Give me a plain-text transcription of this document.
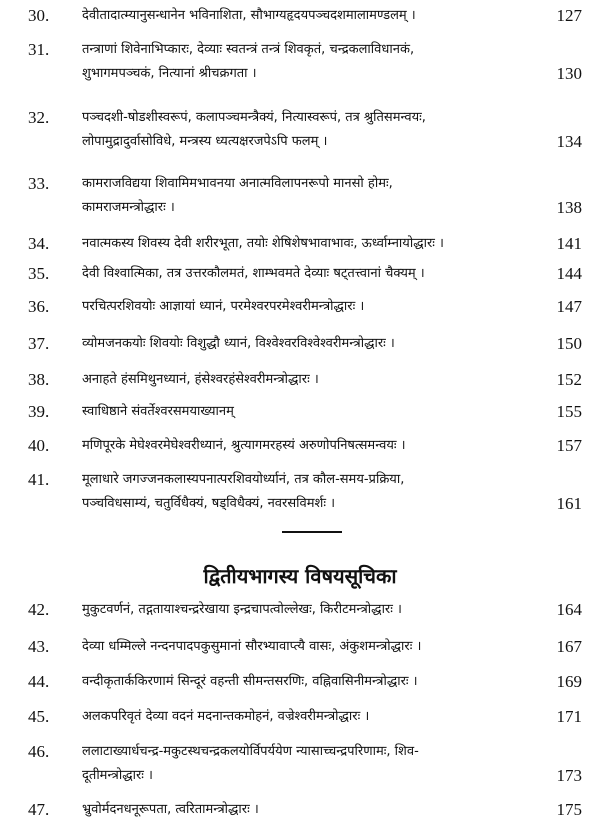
30.	देवीतादात्म्यानुसन्धानेन भविनाशिता, सौभाग्यहृदयपञ्चदशमालामण्डलम् ।	127
31.	तन्त्राणां शिवेनाभिप्कारः, देव्याः स्वतन्त्रं तन्त्रं शिवकृतं, चन्द्रकलाविधानकं,
शुभागमपञ्चकं, नित्यानां श्रीचक्रगता ।	130
32.	पञ्चदशी-षोडशीस्वरूपं, कलापञ्चमन्त्रैक्यं, नित्यास्वरूपं, तत्र श्रुतिसमन्वयः,
लोपामुद्रादुर्वासोविधे, मन्त्रस्य ध्यत्यक्षरजपेऽपि फलम् ।	134
33.	कामराजविद्यया शिवामिमभावनया अनात्मविलापनरूपो मानसो होमः,
कामराजमन्त्रोद्धारः ।	138
34.	नवात्मकस्य शिवस्य देवी शरीरभूता, तयोः शेषिशेषभावाभावः, ऊर्ध्वाम्नायोद्धारः ।	141
35.	देवी विश्वात्मिका, तत्र उत्तरकौलमतं, शाम्भवमते देव्याः षट्तत्त्वानां चैक्यम् ।	144
36.	परचित्परशिवयोः आज्ञायां ध्यानं, परमेश्वरपरमेश्वरीमन्त्रोद्धारः ।	147
37.	व्योमजनकयोः शिवयोः विशुद्धौ ध्यानं, विश्वेश्वरविश्वेश्वरीमन्त्रोद्धारः ।	150
38.	अनाहते हंसमिथुनध्यानं, हंसेश्वरहंसेश्वरीमन्त्रोद्धारः ।	152
39.	स्वाधिष्ठाने संवर्तेश्वरसमयाख्यानम्	155
40.	मणिपूरके मेघेश्वरमेघेश्वरीध्यानं, श्रुत्यागमरहस्यं अरुणोपनिषत्समन्वयः ।	157
41.	मूलाधारे जगज्जनकलास्यपनात्परशिवयोर्ध्यानं, तत्र कौल-समय-प्रक्रिया,
पञ्चविधसाम्यं, चतुर्विधैक्यं, षड्विधैक्यं, नवरसविमर्शः ।	161
42.	मुकुटवर्णनं, तद्गतायाश्चन्द्ररेखाया इन्द्रचापत्वोल्लेखः, किरीटमन्त्रोद्धारः ।	164
43.	देव्या धम्मिल्ले नन्दनपादपकुसुमानां सौरभ्यावाप्त्यै वासः, अंकुशमन्त्रोद्धारः ।	167
44.	वन्दीकृतार्ककिरणामं सिन्दूरं वहन्ती सीमन्तसरणिः, वह्निवासिनीमन्त्रोद्धारः ।	169
45.	अलकपरिवृतं देव्या वदनं मदनान्तकमोहनं, वज्रेश्वरीमन्त्रोद्धारः ।	171
46.	ललाटाख्यार्धचन्द्र-मकुटस्थचन्द्रकलयोर्विपर्ययेण न्यासाच्चन्द्रपरिणामः, शिव-
दूतीमन्त्रोद्धारः ।	173
47.	भ्रुवोर्मदनधनूरूपता, त्वरितामन्त्रोद्धारः ।	175
द्वितीयभागस्य विषयसूचिका
